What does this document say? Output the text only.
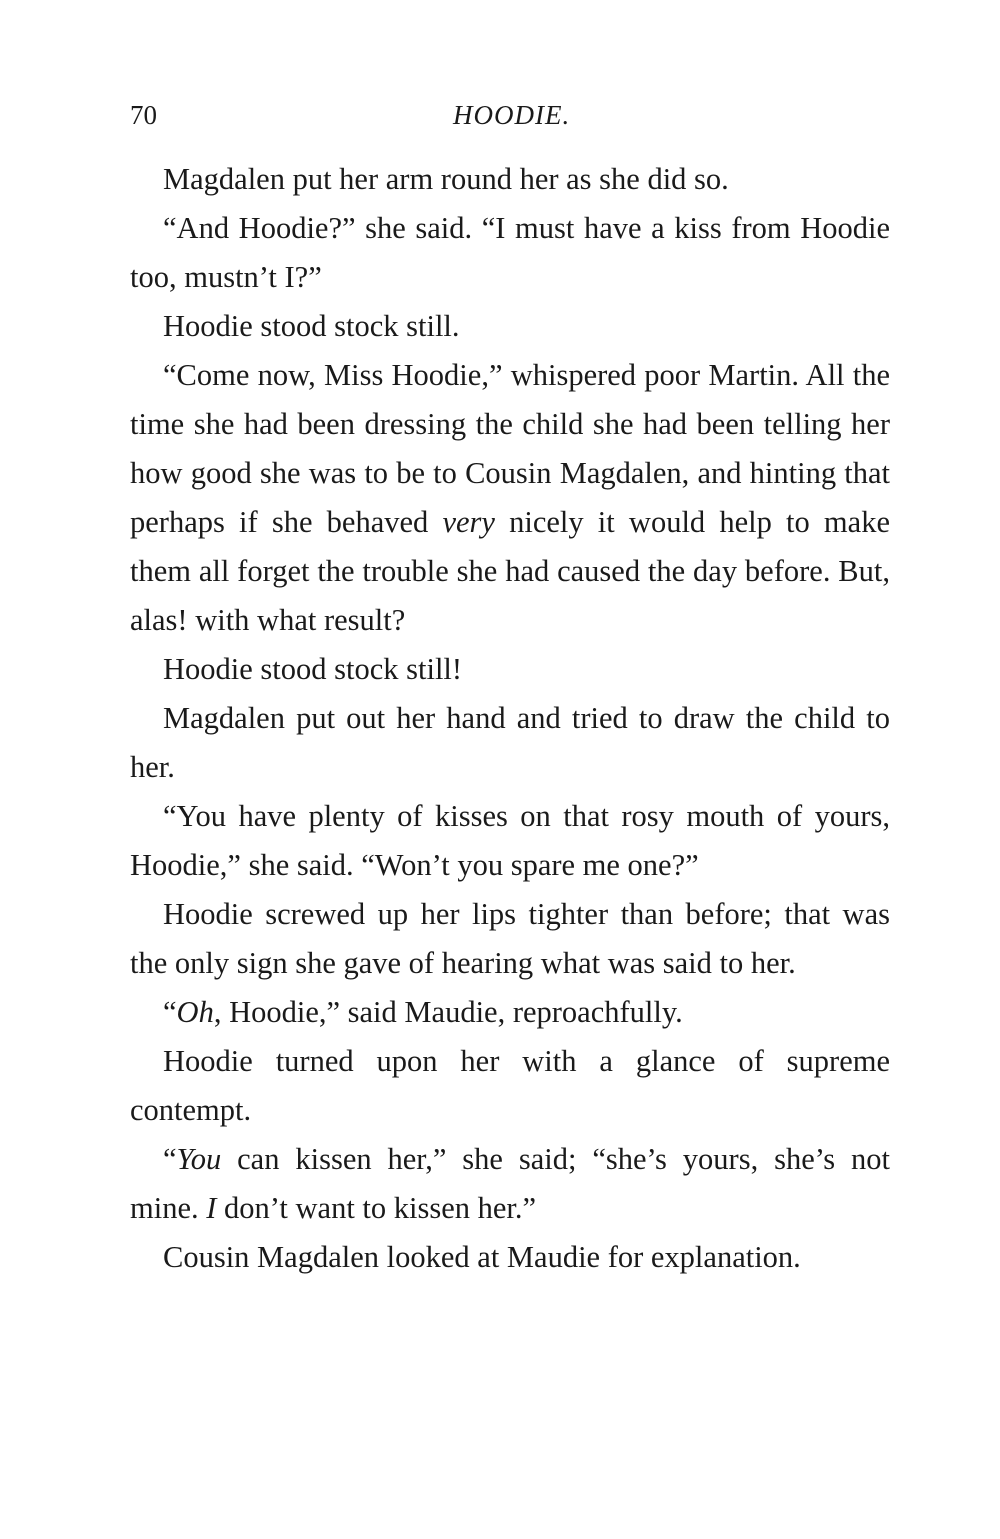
70	HOODIE.

Magdalen put her arm round her as she did so.

“And Hoodie?” she said. “I must have a kiss from Hoodie too, mustn’t I?”

Hoodie stood stock still.

“Come now, Miss Hoodie,” whispered poor Martin. All the time she had been dressing the child she had been telling her how good she was to be to Cousin Magdalen, and hinting that perhaps if she behaved very nicely it would help to make them all forget the trouble she had caused the day before. But, alas! with what result?

Hoodie stood stock still!

Magdalen put out her hand and tried to draw the child to her.

“You have plenty of kisses on that rosy mouth of yours, Hoodie,” she said. “Won’t you spare me one?”

Hoodie screwed up her lips tighter than before; that was the only sign she gave of hearing what was said to her.

“Oh, Hoodie,” said Maudie, reproachfully.

Hoodie turned upon her with a glance of supreme contempt.

“You can kissen her,” she said; “she’s yours, she’s not mine. I don’t want to kissen her.”

Cousin Magdalen looked at Maudie for explanation.
